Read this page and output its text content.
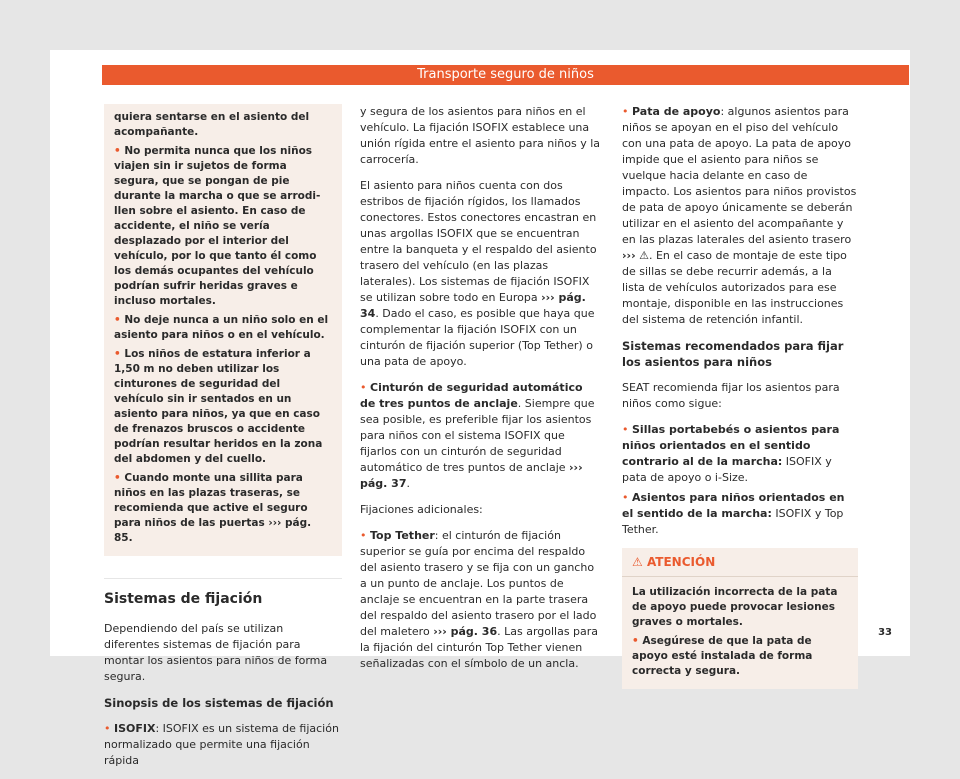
Transporte seguro de niños

quiera sentarse en el asiento del acompañante.

• No permita nunca que los niños viajen sin ir sujetos de forma segura, que se pongan de pie durante la marcha o que se arrodillen sobre el asiento. En caso de accidente, el niño se vería desplazado por el interior del vehículo, por lo que tanto él como los demás ocupantes del vehículo podrían sufrir heridas graves e incluso mortales.

• No deje nunca a un niño solo en el asiento para niños o en el vehículo.

• Los niños de estatura inferior a 1,50 m no deben utilizar los cinturones de seguridad del vehículo sin ir sentados en un asiento para niños, ya que en caso de frenazos bruscos o accidente podrían resultar heridos en la zona del abdomen y del cuello.

• Cuando monte una sillita para niños en las plazas traseras, se recomienda que active el seguro para niños de las puertas ››› pág. 85.

Sistemas de fijación

Dependiendo del país se utilizan diferentes sistemas de fijación para montar los asientos para niños de forma segura.

Sinopsis de los sistemas de fijación

• ISOFIX: ISOFIX es un sistema de fijación normalizado que permite una fijación rápida

y segura de los asientos para niños en el vehículo. La fijación ISOFIX establece una unión rígida entre el asiento para niños y la carrocería.

El asiento para niños cuenta con dos estribos de fijación rígidos, los llamados conectores. Estos conectores encastran en unas argollas ISOFIX que se encuentran entre la banqueta y el respaldo del asiento trasero del vehículo (en las plazas laterales). Los sistemas de fijación ISOFIX se utilizan sobre todo en Europa ››› pág. 34. Dado el caso, es posible que haya que complementar la fijación ISOFIX con un cinturón de fijación superior (Top Tether) o una pata de apoyo.

• Cinturón de seguridad automático de tres puntos de anclaje. Siempre que sea posible, es preferible fijar los asientos para niños con el sistema ISOFIX que fijarlos con un cinturón de seguridad automático de tres puntos de anclaje ››› pág. 37.

Fijaciones adicionales:

• Top Tether: el cinturón de fijación superior se guía por encima del respaldo del asiento trasero y se fija con un gancho a un punto de anclaje. Los puntos de anclaje se encuentran en la parte trasera del respaldo del asiento trasero por el lado del maletero ››› pág. 36. Las argollas para la fijación del cinturón Top Tether vienen señalizadas con el símbolo de un ancla.

• Pata de apoyo: algunos asientos para niños se apoyan en el piso del vehículo con una pata de apoyo. La pata de apoyo impide que el asiento para niños se vuelque hacia delante en caso de impacto. Los asientos para niños provistos de pata de apoyo únicamente se deberán utilizar en el asiento del acompañante y en las plazas laterales del asiento trasero ››› ⚠. En el caso de montaje de este tipo de sillas se debe recurrir además, a la lista de vehículos autorizados para ese montaje, disponible en las instrucciones del sistema de retención infantil.

Sistemas recomendados para fijar los asientos para niños

SEAT recomienda fijar los asientos para niños como sigue:

• Sillas portabebés o asientos para niños orientados en el sentido contrario al de la marcha: ISOFIX y pata de apoyo o i-Size.

• Asientos para niños orientados en el sentido de la marcha: ISOFIX y Top Tether.

⚠ ATENCIÓN

La utilización incorrecta de la pata de apoyo puede provocar lesiones graves o mortales.

• Asegúrese de que la pata de apoyo esté instalada de forma correcta y segura.

33
